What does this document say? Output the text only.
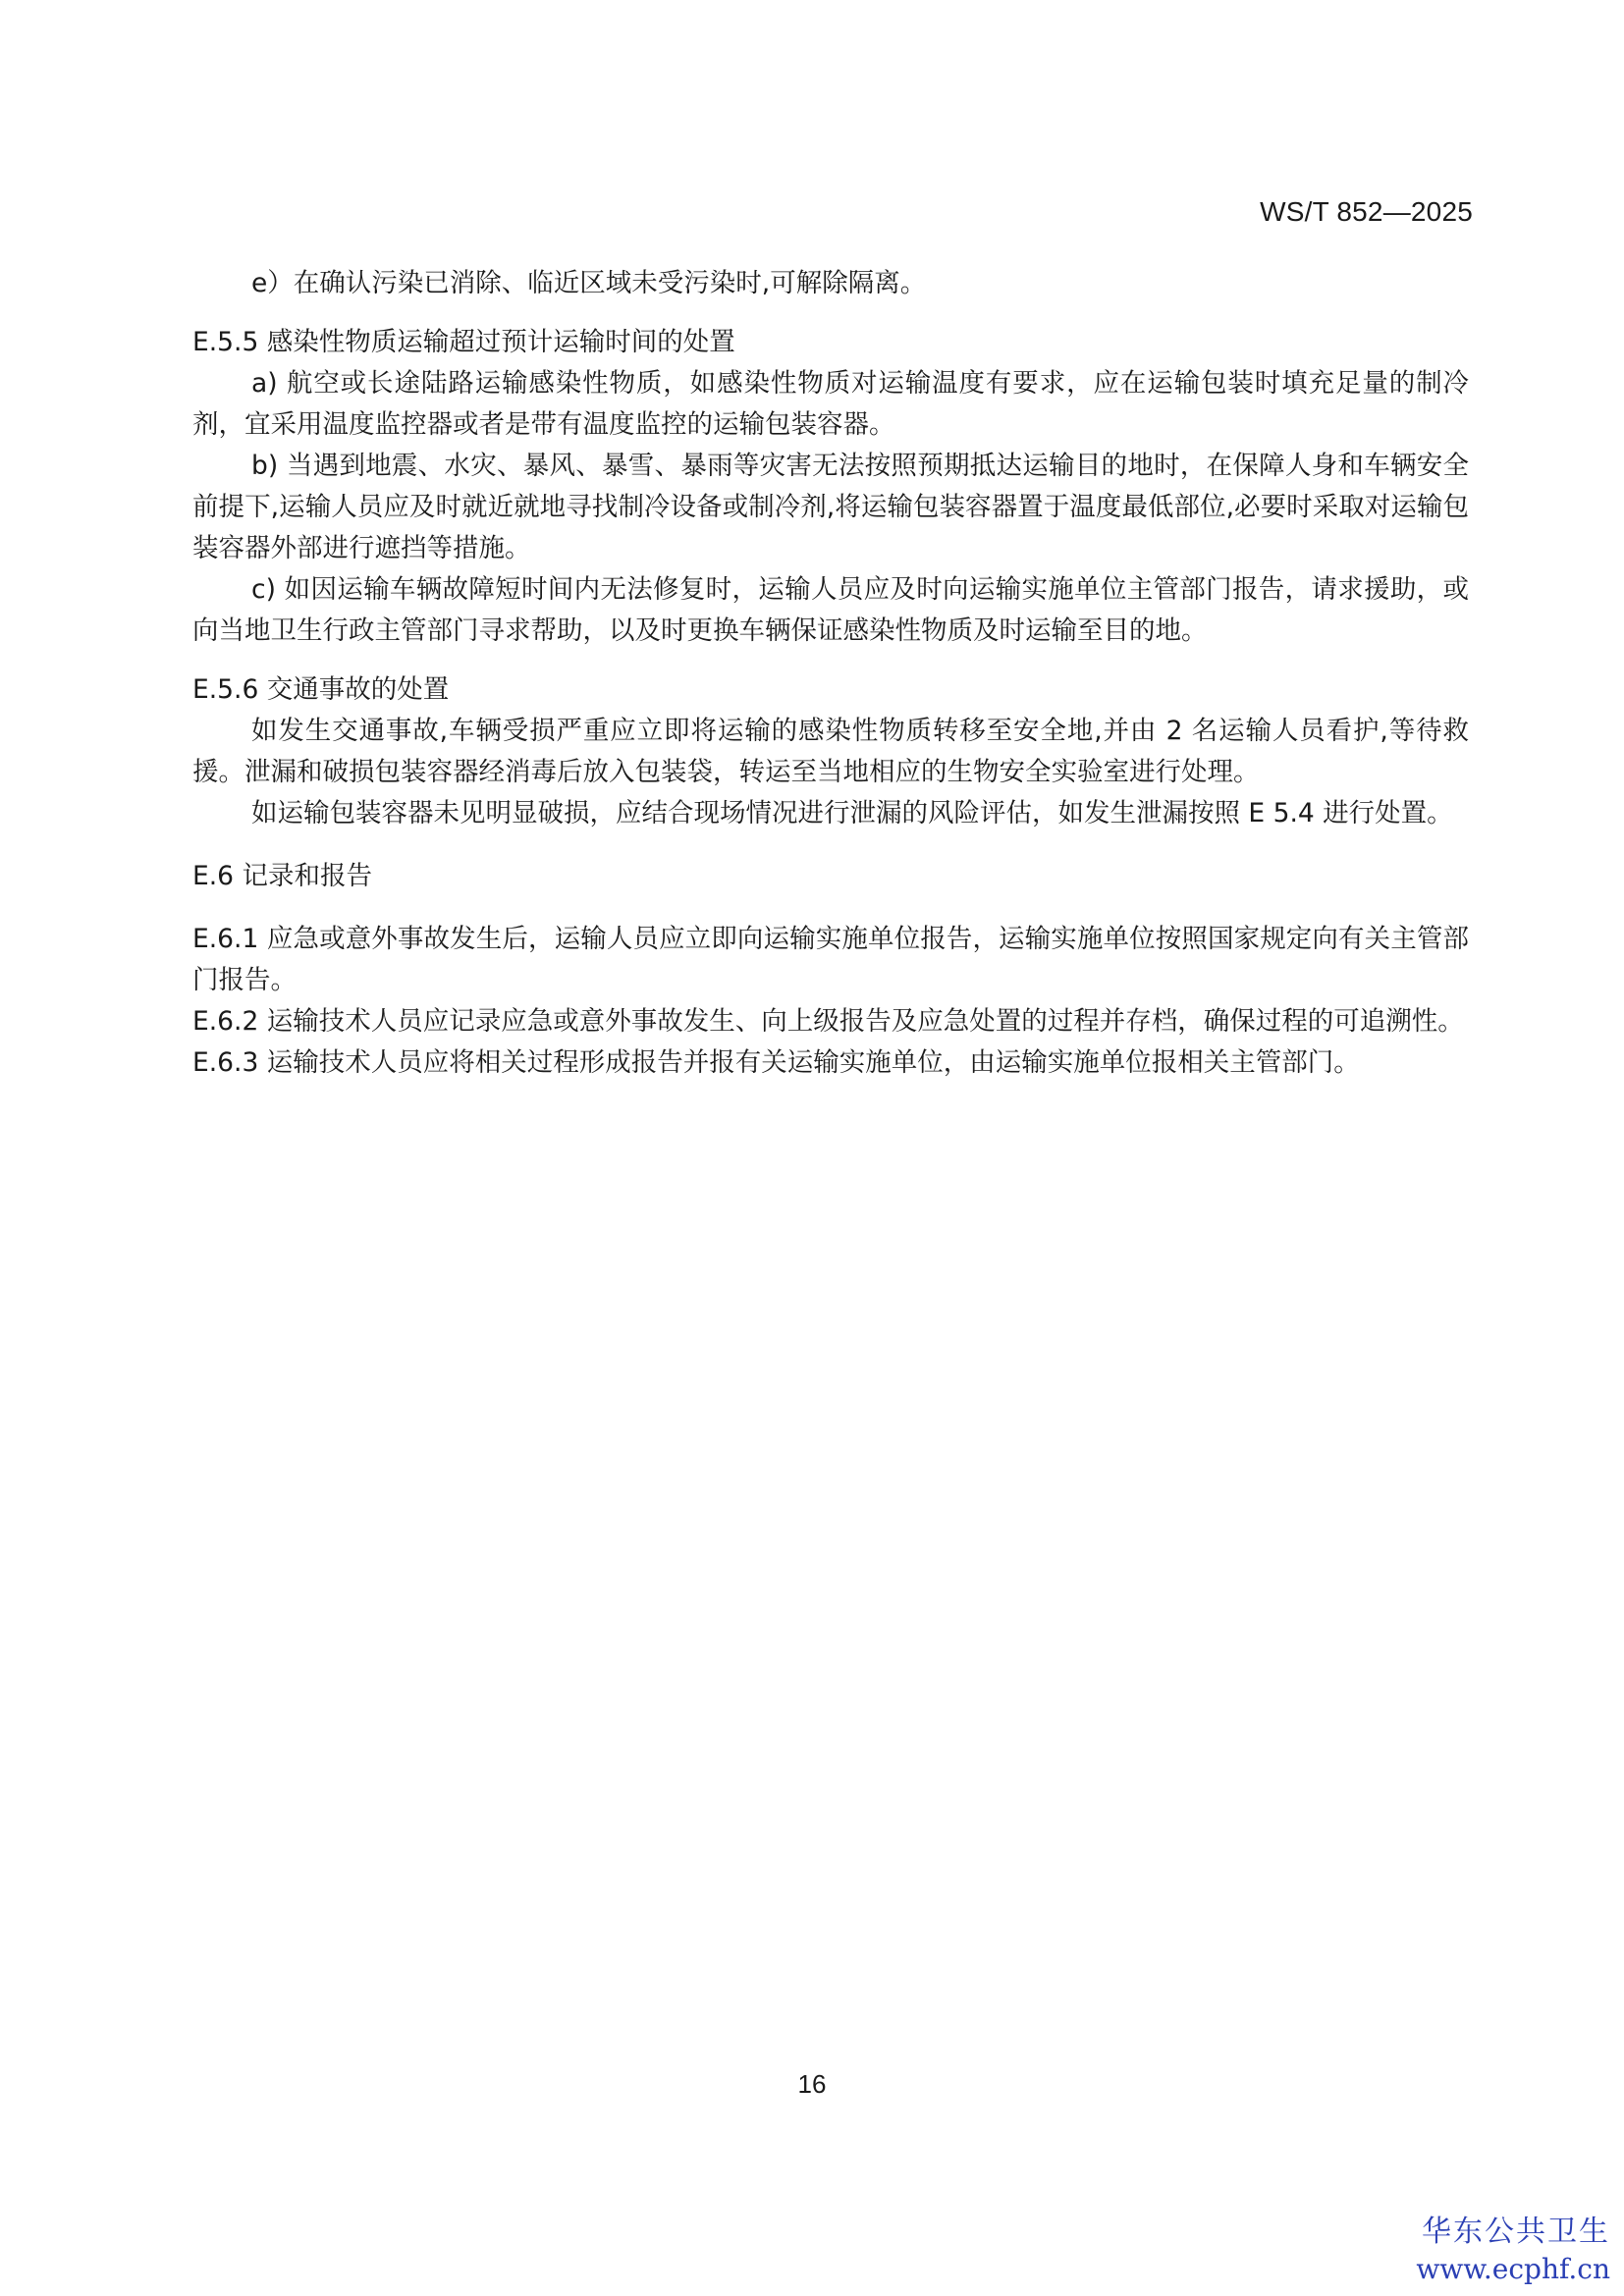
WS/T 852—2025

e）在确认污染已消除、临近区域未受污染时,可解除隔离。

E.5.5 感染性物质运输超过预计运输时间的处置

a) 航空或长途陆路运输感染性物质，如感染性物质对运输温度有要求，应在运输包装时填充足量的制冷剂，宜采用温度监控器或者是带有温度监控的运输包装容器。

b) 当遇到地震、水灾、暴风、暴雪、暴雨等灾害无法按照预期抵达运输目的地时，在保障人身和车辆安全前提下,运输人员应及时就近就地寻找制冷设备或制冷剂,将运输包装容器置于温度最低部位,必要时采取对运输包装容器外部进行遮挡等措施。

c) 如因运输车辆故障短时间内无法修复时，运输人员应及时向运输实施单位主管部门报告，请求援助，或向当地卫生行政主管部门寻求帮助，以及时更换车辆保证感染性物质及时运输至目的地。

E.5.6 交通事故的处置

如发生交通事故,车辆受损严重应立即将运输的感染性物质转移至安全地,并由 2 名运输人员看护,等待救援。泄漏和破损包装容器经消毒后放入包装袋，转运至当地相应的生物安全实验室进行处理。

如运输包装容器未见明显破损，应结合现场情况进行泄漏的风险评估，如发生泄漏按照 E 5.4 进行处置。

E.6 记录和报告

E.6.1 应急或意外事故发生后，运输人员应立即向运输实施单位报告，运输实施单位按照国家规定向有关主管部门报告。

E.6.2 运输技术人员应记录应急或意外事故发生、向上级报告及应急处置的过程并存档，确保过程的可追溯性。

E.6.3 运输技术人员应将相关过程形成报告并报有关运输实施单位，由运输实施单位报相关主管部门。

16
华东公共卫生
www.ecphf.cn
